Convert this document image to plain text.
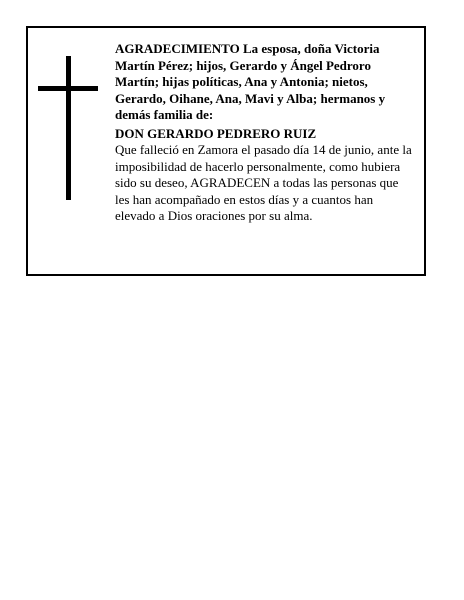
AGRADECIMIENTO La esposa, doña Victoria Martín Pérez; hijos, Gerardo y Ángel Pedroro Martín; hijas políticas, Ana y Antonia; nietos, Gerardo, Oihane, Ana, Mavi y Alba; hermanos y demás familia de:

DON GERARDO PEDRERO RUIZ

Que falleció en Zamora el pasado día 14 de junio, ante la imposibilidad de hacerlo personalmente, como hubiera sido su deseo, AGRADECEN a todas las personas que les han acompañado en estos días y a cuantos han elevado a Dios oraciones por su alma.
